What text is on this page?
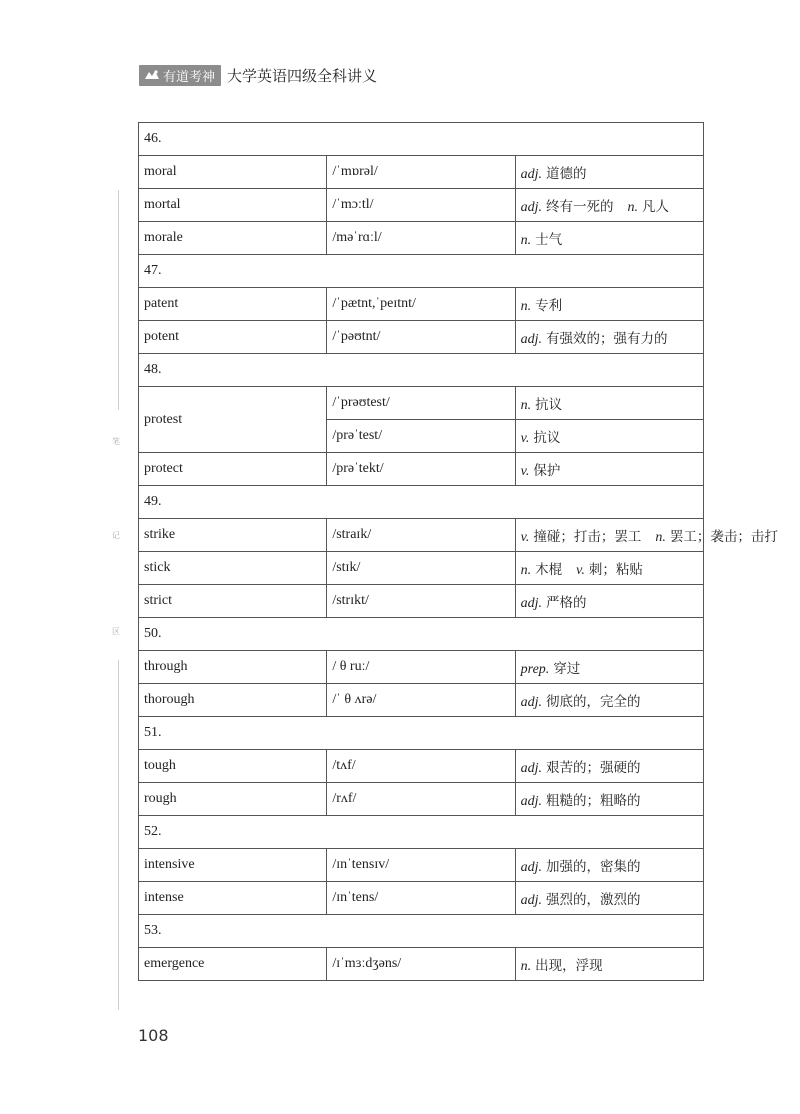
有道考神 大学英语四级全科讲义
笔
记
区
46.		
moral	/ˈmɒrəl/	adj. 道德的
mortal	/ˈmɔːtl/	adj. 终有一死的 n. 凡人
morale	/məˈrɑːl/	n. 士气
47.		
patent	/ˈpætnt,ˈpeɪtnt/	n. 专利
potent	/ˈpəʊtnt/	adj. 有强效的；强有力的
48.		
protest	/ˈprəʊtest/	n. 抗议
	/prəˈtest/	v. 抗议
protect	/prəˈtekt/	v. 保护
49.		
strike	/straɪk/	v. 撞碰；打击；罢工 n. 罢工；袭击；击打
stick	/stɪk/	n. 木棍 v. 刺；粘贴
strict	/strɪkt/	adj. 严格的
50.		
through	/ θ ruː/	prep. 穿过
thorough	/ˈ θ ʌrə/	adj. 彻底的，完全的
51.		
tough	/tʌf/	adj. 艰苦的；强硬的
rough	/rʌf/	adj. 粗糙的；粗略的
52.		
intensive	/ɪnˈtensɪv/	adj. 加强的，密集的
intense	/ɪnˈtens/	adj. 强烈的，激烈的
53.		
emergence	/ɪˈmɜːdʒəns/	n. 出现，浮现
108
